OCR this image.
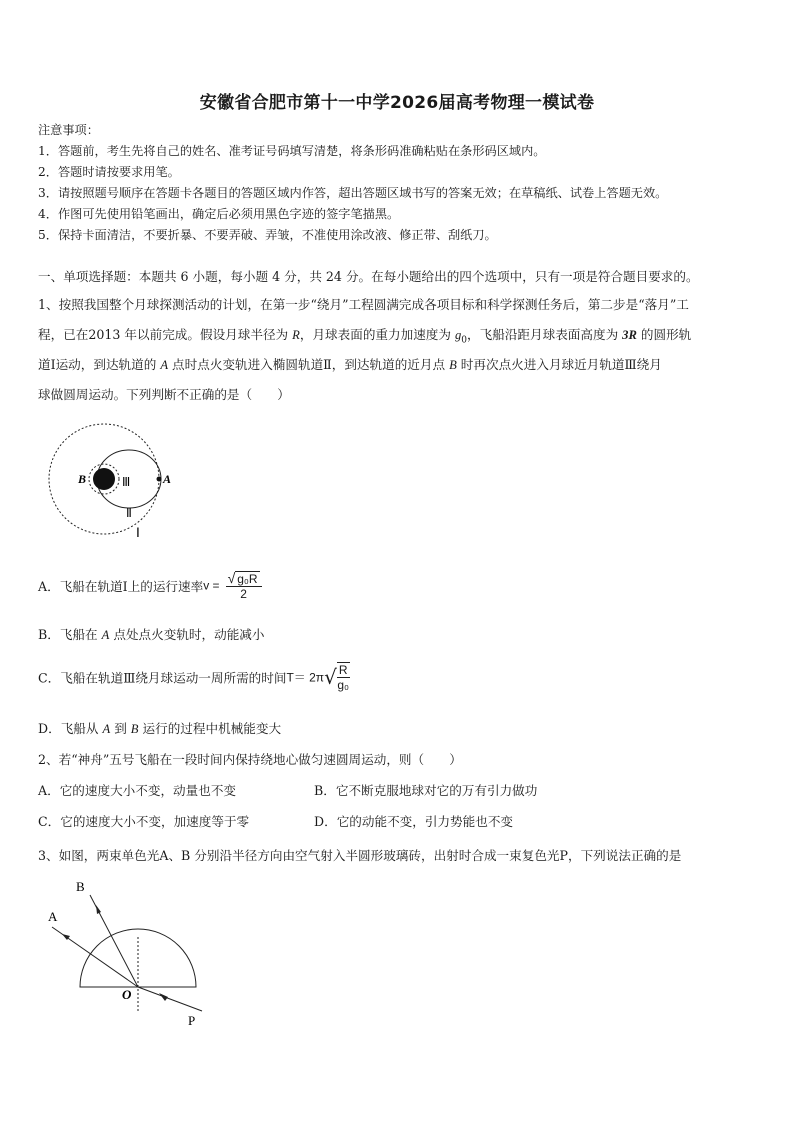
安徽省合肥市第十一中学2026届高考物理一模试卷
注意事项：
1．答题前，考生先将自己的姓名、准考证号码填写清楚，将条形码准确粘贴在条形码区域内。
2．答题时请按要求用笔。
3．请按照题号顺序在答题卡各题目的答题区域内作答，超出答题区域书写的答案无效；在草稿纸、试卷上答题无效。
4．作图可先使用铅笔画出，确定后必须用黑色字迹的签字笔描黑。
5．保持卡面清洁，不要折暴、不要弄破、弄皱，不准使用涂改液、修正带、刮纸刀。
一、单项选择题：本题共 6 小题，每小题 4 分，共 24 分。在每小题给出的四个选项中，只有一项是符合题目要求的。
1、按照我国整个月球探测活动的计划，在第一步“绕月”工程圆满完成各项目标和科学探测任务后，第二步是“落月”工
程，已在2013 年以前完成。假设月球半径为 R，月球表面的重力加速度为 $g_0$，飞船沿距月球表面高度为 3R 的圆形轨
道Ⅰ运动，到达轨道的 A 点时点火变轨进入椭圆轨道Ⅱ，到达轨道的近月点 B 时再次点火进入月球近月轨道Ⅲ绕月
球做圆周运动。下列判断不正确的是（　　）
B	A
Ⅲ
Ⅱ
Ⅰ
A．飞船在轨道Ⅰ上的运行速率$v = \frac{\text{√ g₀R}}{2}$
B．飞船在 A 点处点火变轨时，动能减小
C．飞船在轨道Ⅲ绕月球运动一周所需的时间$T= 2\pi√ \frac{R}{\text{g₀}}$
D．飞船从 A 到 B 运行的过程中机械能变大
2、若“神舟”五号飞船在一段时间内保持绕地心做匀速圆周运动，则（　　）
A．它的速度大小不变，动量也不变	B．它不断克服地球对它的万有引力做功
C．它的速度大小不变，加速度等于零	D．它的动能不变，引力势能也不变
3、如图，两束单色光A、B 分别沿半径方向由空气射入半圆形玻璃砖，出射时合成一束复色光P，下列说法正确的是
B
A
O
P
